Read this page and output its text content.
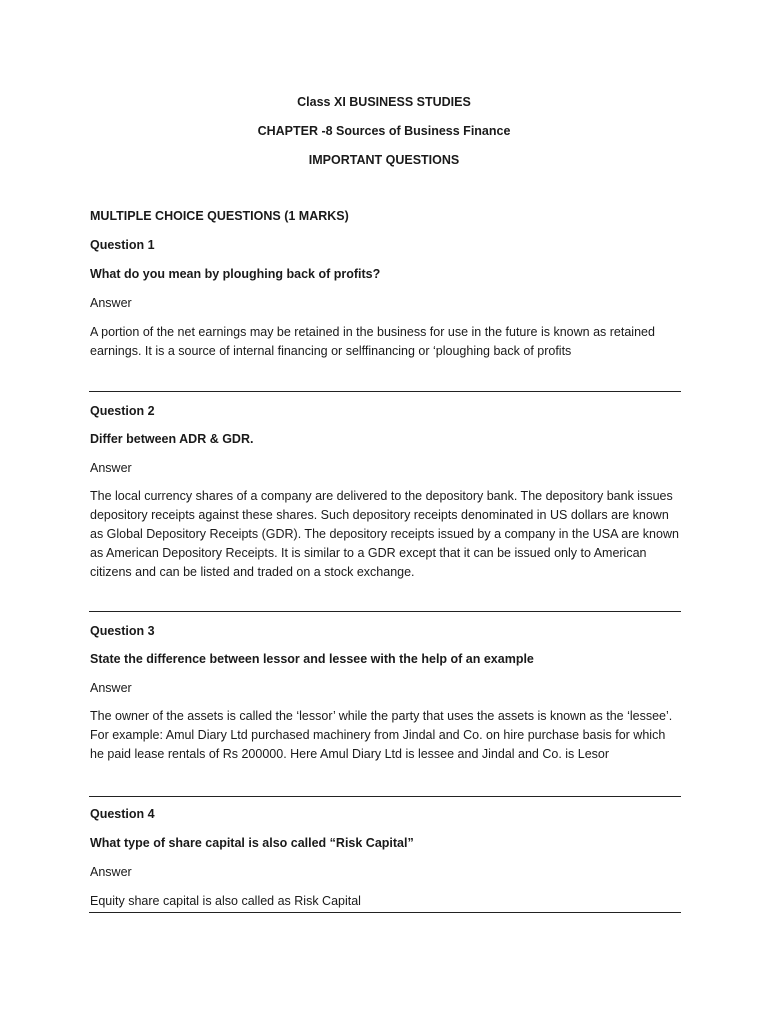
Class XI BUSINESS STUDIES
CHAPTER -8 Sources of Business Finance
IMPORTANT QUESTIONS
MULTIPLE CHOICE QUESTIONS (1 MARKS)
Question 1
What do you mean by ploughing back of profits?
Answer
A portion of the net earnings may be retained in the business for use in the future is known as retained earnings. It is a source of internal financing or selffinancing or ‘ploughing back of profits
Question 2
Differ between ADR & GDR.
Answer
The local currency shares of a company are delivered to the depository bank. The depository bank issues depository receipts against these shares. Such depository receipts denominated in US dollars are known as Global Depository Receipts (GDR). The depository receipts issued by a company in the USA are known as American Depository Receipts. It is similar to a GDR except that it can be issued only to American citizens and can be listed and traded on a stock exchange.
Question 3
State the difference between lessor and lessee with the help of an example
Answer
The owner of the assets is called the ‘lessor’ while the party that uses the assets is known as the ‘lessee’. For example: Amul Diary Ltd purchased machinery from Jindal and Co. on hire purchase basis for which he paid lease rentals of Rs 200000. Here Amul Diary Ltd is lessee and Jindal and Co. is Lesor
Question 4
What type of share capital is also called “Risk Capital”
Answer
Equity share capital is also called as Risk Capital
